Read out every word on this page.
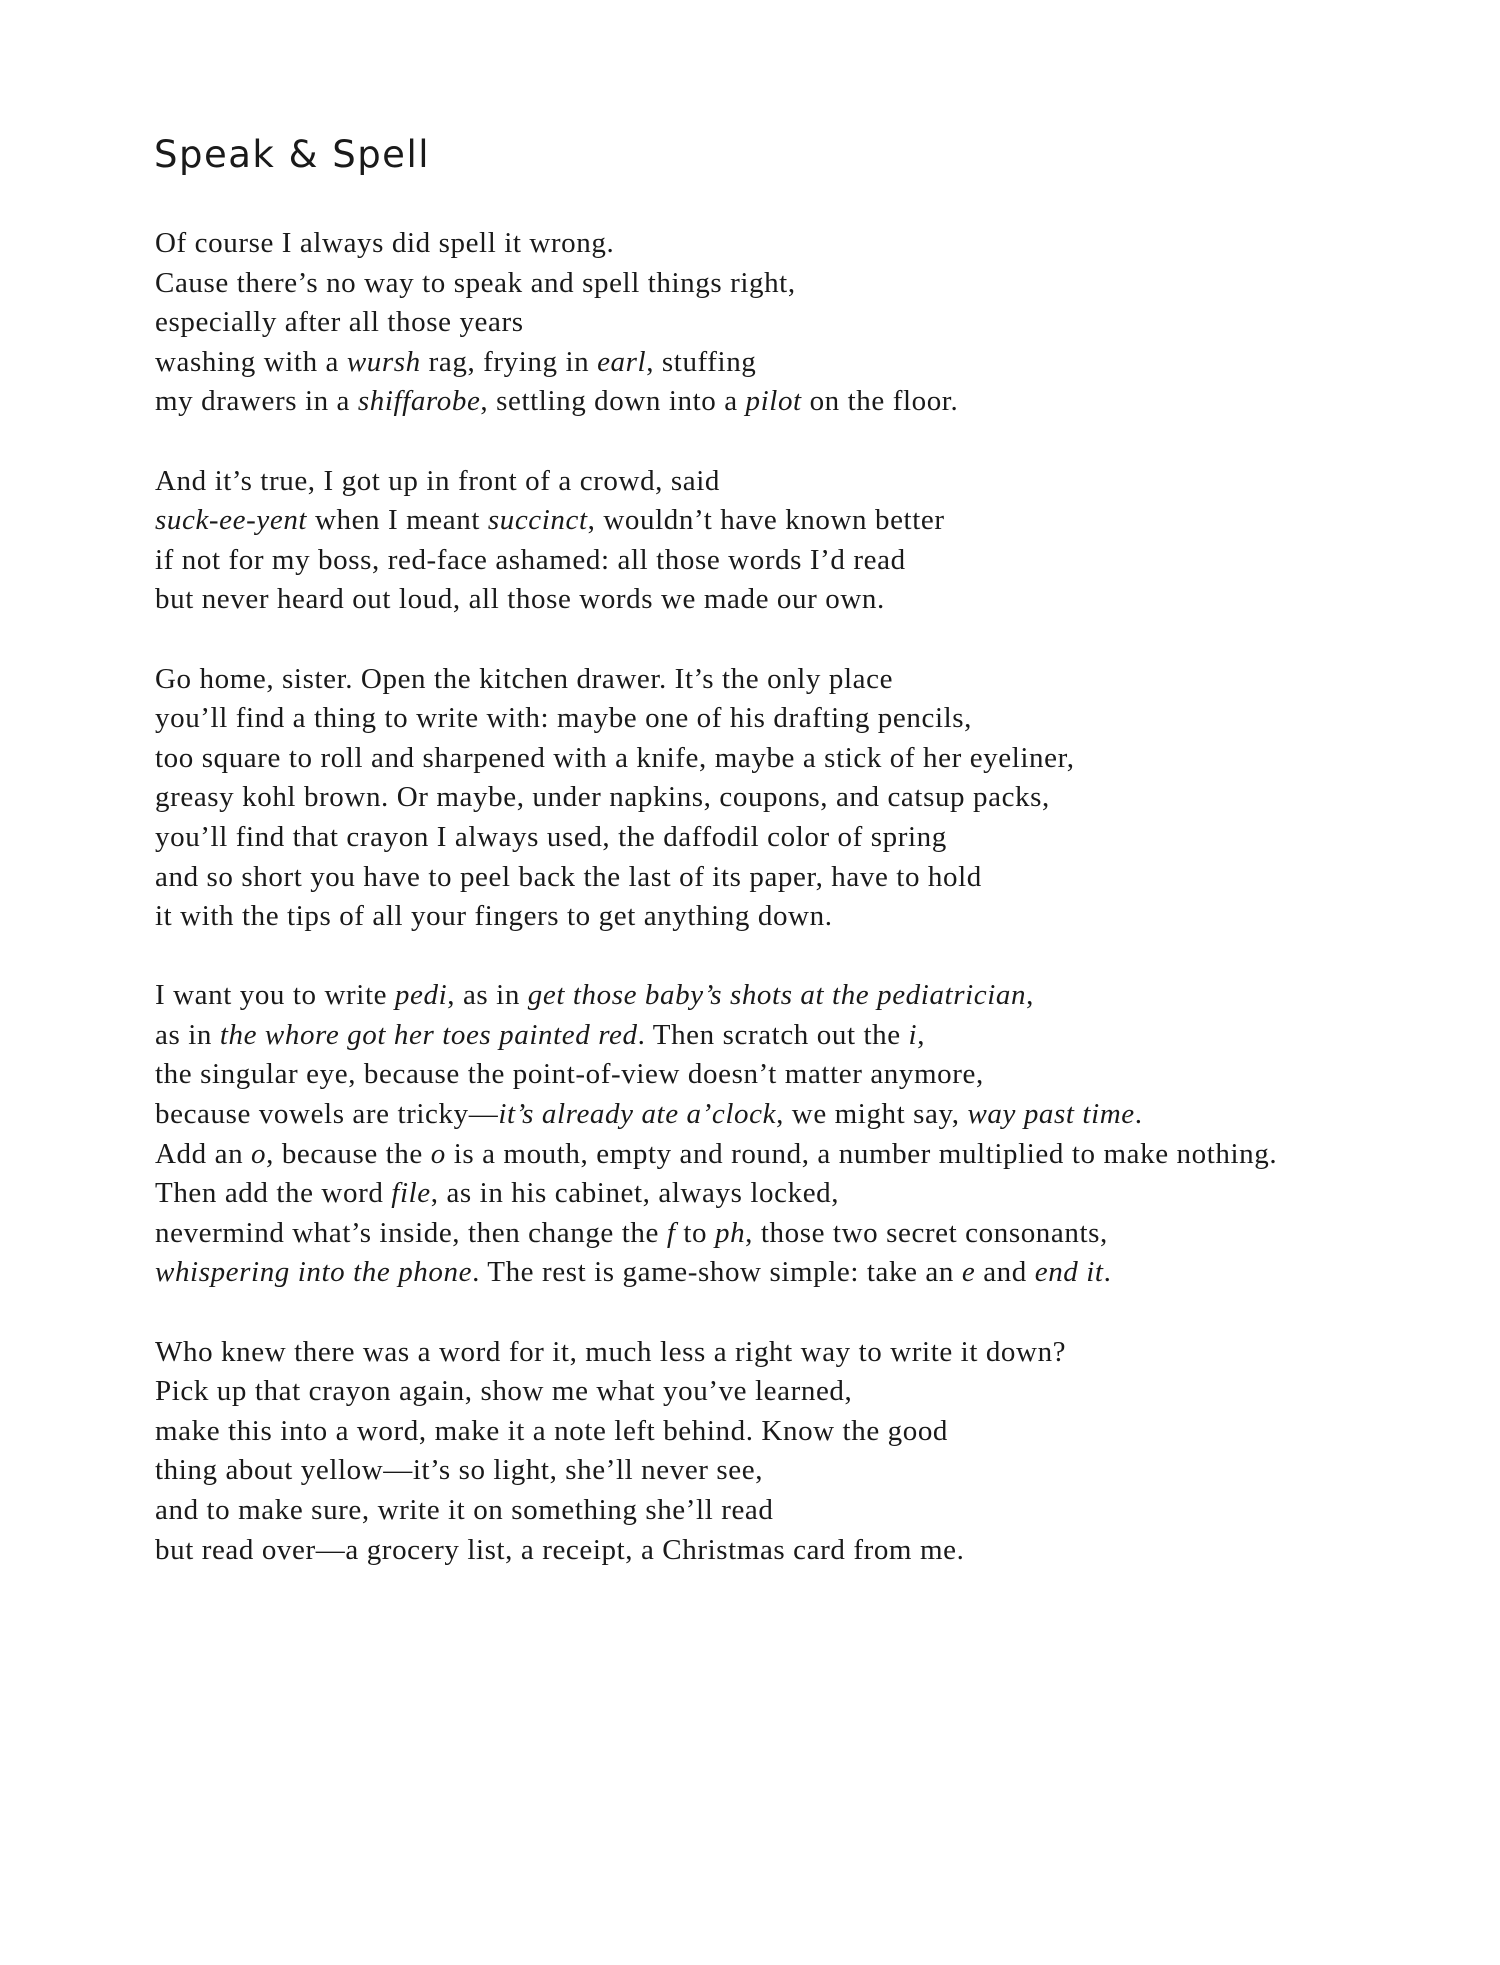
Speak & Spell
Of course I always did spell it wrong.
Cause there’s no way to speak and spell things right,
especially after all those years
washing with a wursh rag, frying in earl, stuffing
my drawers in a shiffarobe, settling down into a pilot on the floor.
And it’s true, I got up in front of a crowd, said
suck-ee-yent when I meant succinct, wouldn’t have known better
if not for my boss, red-face ashamed: all those words I’d read
but never heard out loud, all those words we made our own.
Go home, sister. Open the kitchen drawer. It’s the only place
you’ll find a thing to write with: maybe one of his drafting pencils,
too square to roll and sharpened with a knife, maybe a stick of her eyeliner,
greasy kohl brown. Or maybe, under napkins, coupons, and catsup packs,
you’ll find that crayon I always used, the daffodil color of spring
and so short you have to peel back the last of its paper, have to hold
it with the tips of all your fingers to get anything down.
I want you to write pedi, as in get those baby’s shots at the pediatrician,
as in the whore got her toes painted red. Then scratch out the i,
the singular eye, because the point-of-view doesn’t matter anymore,
because vowels are tricky—it’s already ate a’clock, we might say, way past time.
Add an o, because the o is a mouth, empty and round, a number multiplied to make nothing.
Then add the word file, as in his cabinet, always locked,
nevermind what’s inside, then change the f to ph, those two secret consonants,
whispering into the phone. The rest is game-show simple: take an e and end it.
Who knew there was a word for it, much less a right way to write it down?
Pick up that crayon again, show me what you’ve learned,
make this into a word, make it a note left behind. Know the good
thing about yellow—it’s so light, she’ll never see,
and to make sure, write it on something she’ll read
but read over—a grocery list, a receipt, a Christmas card from me.
